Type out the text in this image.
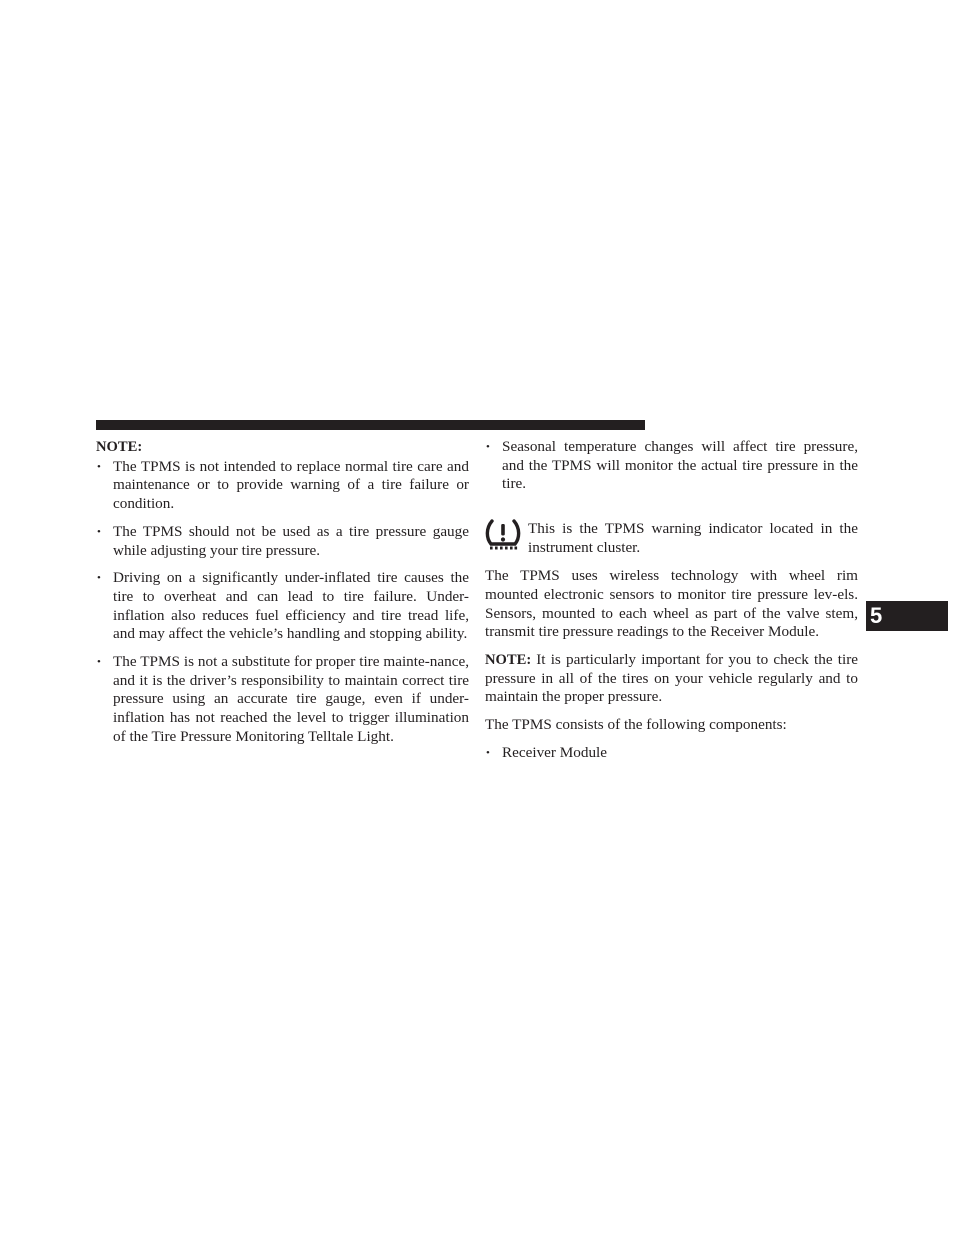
NOTE:
• The TPMS is not intended to replace normal tire care and maintenance or to provide warning of a tire failure or condition.
• The TPMS should not be used as a tire pressure gauge while adjusting your tire pressure.
• Driving on a significantly under-inflated tire causes the tire to overheat and can lead to tire failure. Under-inflation also reduces fuel efficiency and tire tread life, and may affect the vehicle’s handling and stopping ability.
• The TPMS is not a substitute for proper tire mainte-nance, and it is the driver’s responsibility to maintain correct tire pressure using an accurate tire gauge, even if under-inflation has not reached the level to trigger illumination of the Tire Pressure Monitoring Telltale Light.
• Seasonal temperature changes will affect tire pressure, and the TPMS will monitor the actual tire pressure in the tire.
This is the TPMS warning indicator located in the instrument cluster.

The TPMS uses wireless technology with wheel rim mounted electronic sensors to monitor tire pressure lev-els. Sensors, mounted to each wheel as part of the valve stem, transmit tire pressure readings to the Receiver Module.

NOTE: It is particularly important for you to check the tire pressure in all of the tires on your vehicle regularly and to maintain the proper pressure.

The TPMS consists of the following components:

• Receiver Module
5
